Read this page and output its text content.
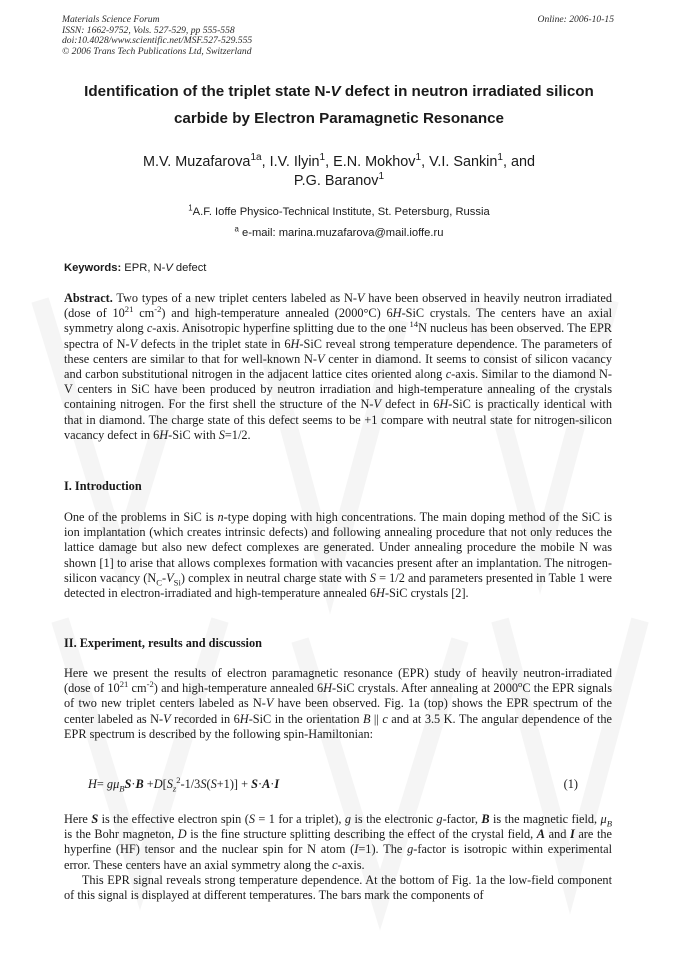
Materials Science Forum
ISSN: 1662-9752, Vols. 527-529, pp 555-558
doi:10.4028/www.scientific.net/MSF.527-529.555
© 2006 Trans Tech Publications Ltd, Switzerland
Online: 2006-10-15
Identification of the triplet state N-V defect in neutron irradiated silicon
carbide by Electron Paramagnetic Resonance
M.V. Muzafarova$^{1a}$, I.V. Ilyin$^1$, E.N. Mokhov$^1$, V.I. Sankin$^1$, and
P.G. Baranov$^1$
$^1$A.F. Ioffe Physico-Technical Institute, St. Petersburg, Russia
$^a$ e-mail: marina.muzafarova@mail.ioffe.ru
Keywords: EPR, N-V defect
Abstract. Two types of a new triplet centers labeled as N-V have been observed in heavily neutron irradiated (dose of $10^{21}$ $cm^{-2}$) and high-temperature annealed (2000°C) 6H-SiC crystals. The centers have an axial symmetry along c-axis. Anisotropic hyperfine splitting due to the one $^{14}$N nucleus has been observed. The EPR spectra of N-V defects in the triplet state in 6H-SiC reveal strong temperature dependence. The parameters of these centers are similar to that for well-known N-V center in diamond. It seems to consist of silicon vacancy and carbon substitutional nitrogen in the adjacent lattice cites oriented along c-axis. Similar to the diamond N-V centers in SiC have been produced by neutron irradiation and high-temperature annealing of the crystals containing nitrogen. For the first shell the structure of the N-V defect in 6H-SiC is practically identical with that in diamond. The charge state of this defect seems to be +1 compare with neutral state for nitrogen-silicon vacancy defect in 6H-SiC with S=1/2.
I. Introduction
One of the problems in SiC is n-type doping with high concentrations. The main doping method of the SiC is ion implantation (which creates intrinsic defects) and following annealing procedure that not only reduces the lattice damage but also new defect complexes are generated. Under annealing procedure the mobile N was shown [1] to arise that allows complexes formation with vacancies present after an implantation. The nitrogen-silicon vacancy $(N_C-V_{Si})$ complex in neutral charge state with S = 1/2 and parameters presented in Table 1 were detected in electron-irradiated and high-temperature annealed 6H-SiC crystals [2].
II. Experiment, results and discussion
Here we present the results of electron paramagnetic resonance (EPR) study of heavily neutron-irradiated (dose of $10^{21}$ $cm^{-2}$) and high-temperature annealed 6H-SiC crystals. After annealing at 2000$^o$C the EPR signals of two new triplet centers labeled as N-V have been observed. Fig. 1a (top) shows the EPR spectrum of the center labeled as N-V recorded in 6H-SiC in the orientation B || c and at 3.5 K. The angular dependence of the EPR spectrum is described by the following spin-Hamiltonian:
$H= g\mu_BS\cdot B +D[S_z^2-1/3S(S+1)] + S\cdot A\cdot I$	(1)
Here S is the effective electron spin (S = 1 for a triplet), g is the electronic g-factor, B is the magnetic field, $\mu_B$ is the Bohr magneton, D is the fine structure splitting describing the effect of the crystal field, A and I are the hyperfine (HF) tensor and the nuclear spin for N atom (I=1). The g-factor is isotropic within experimental error. These centers have an axial symmetry along the c-axis.
This EPR signal reveals strong temperature dependence. At the bottom of Fig. 1a the low-field component of this signal is displayed at different temperatures. The bars mark the components of
